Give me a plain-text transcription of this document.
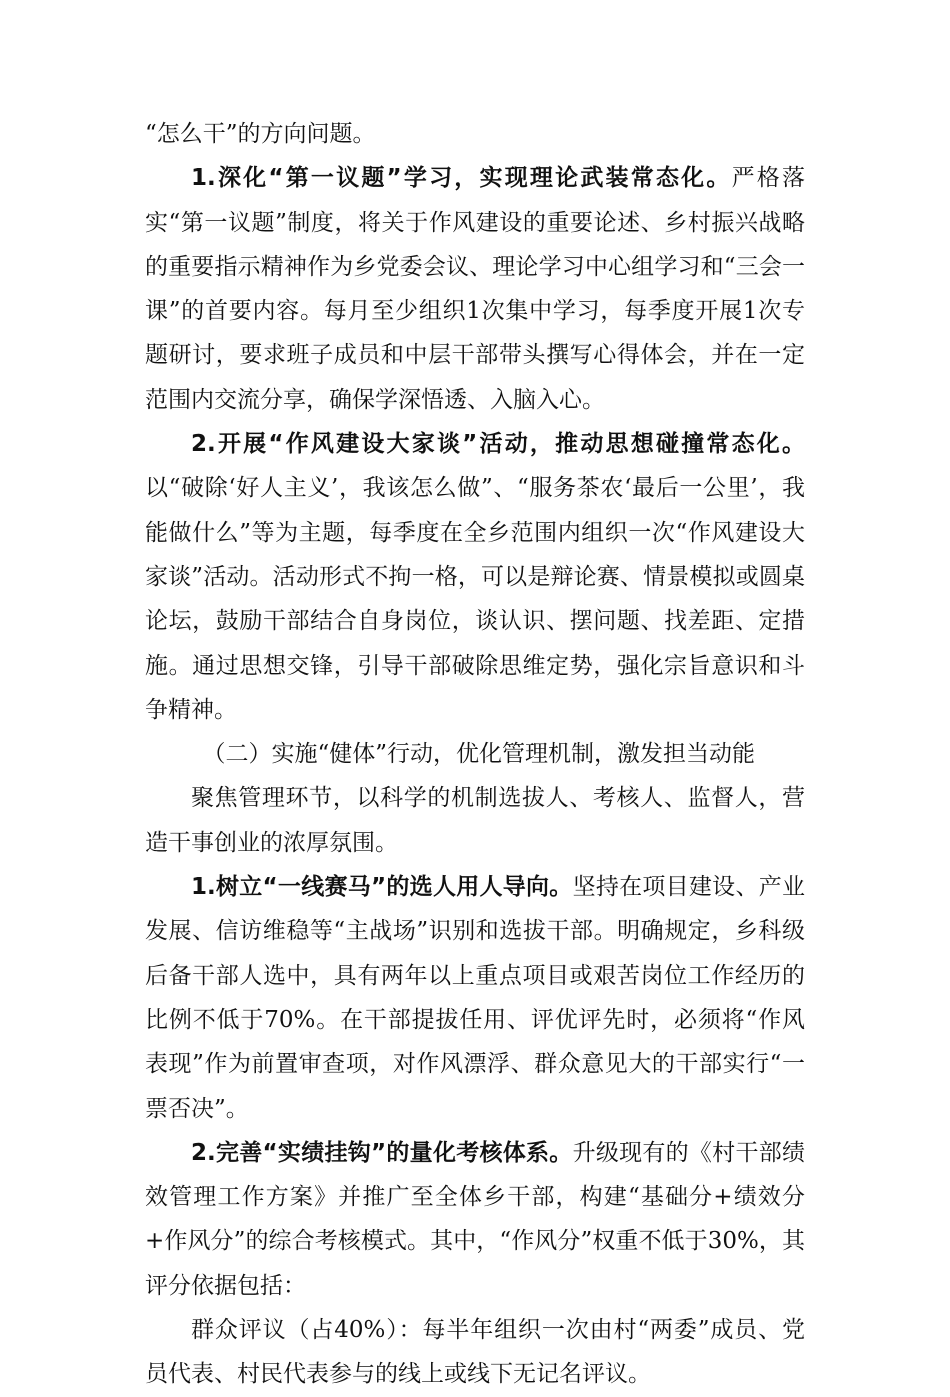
“怎么干”的方向问题。

1.深化“第一议题”学习，实现理论武装常态化。严格落实“第一议题”制度，将关于作风建设的重要论述、乡村振兴战略的重要指示精神作为乡党委会议、理论学习中心组学习和“三会一课”的首要内容。每月至少组织1次集中学习，每季度开展1次专题研讨，要求班子成员和中层干部带头撰写心得体会，并在一定范围内交流分享，确保学深悟透、入脑入心。

2.开展“作风建设大家谈”活动，推动思想碰撞常态化。以“破除‘好人主义’，我该怎么做”、“服务茶农‘最后一公里’，我能做什么”等为主题，每季度在全乡范围内组织一次“作风建设大家谈”活动。活动形式不拘一格，可以是辩论赛、情景模拟或圆桌论坛，鼓励干部结合自身岗位，谈认识、摆问题、找差距、定措施。通过思想交锋，引导干部破除思维定势，强化宗旨意识和斗争精神。

（二）实施“健体”行动，优化管理机制，激发担当动能

聚焦管理环节，以科学的机制选拔人、考核人、监督人，营造干事创业的浓厚氛围。

1.树立“一线赛马”的选人用人导向。坚持在项目建设、产业发展、信访维稳等“主战场”识别和选拔干部。明确规定，乡科级后备干部人选中，具有两年以上重点项目或艰苦岗位工作经历的比例不低于70%。在干部提拔任用、评优评先时，必须将“作风表现”作为前置审查项，对作风漂浮、群众意见大的干部实行“一票否决”。

2.完善“实绩挂钩”的量化考核体系。升级现有的《村干部绩效管理工作方案》并推广至全体乡干部，构建“基础分+绩效分+作风分”的综合考核模式。其中，“作风分”权重不低于30%，其评分依据包括：

群众评议（占40%）：每半年组织一次由村“两委”成员、党员代表、村民代表参与的线上或线下无记名评议。
